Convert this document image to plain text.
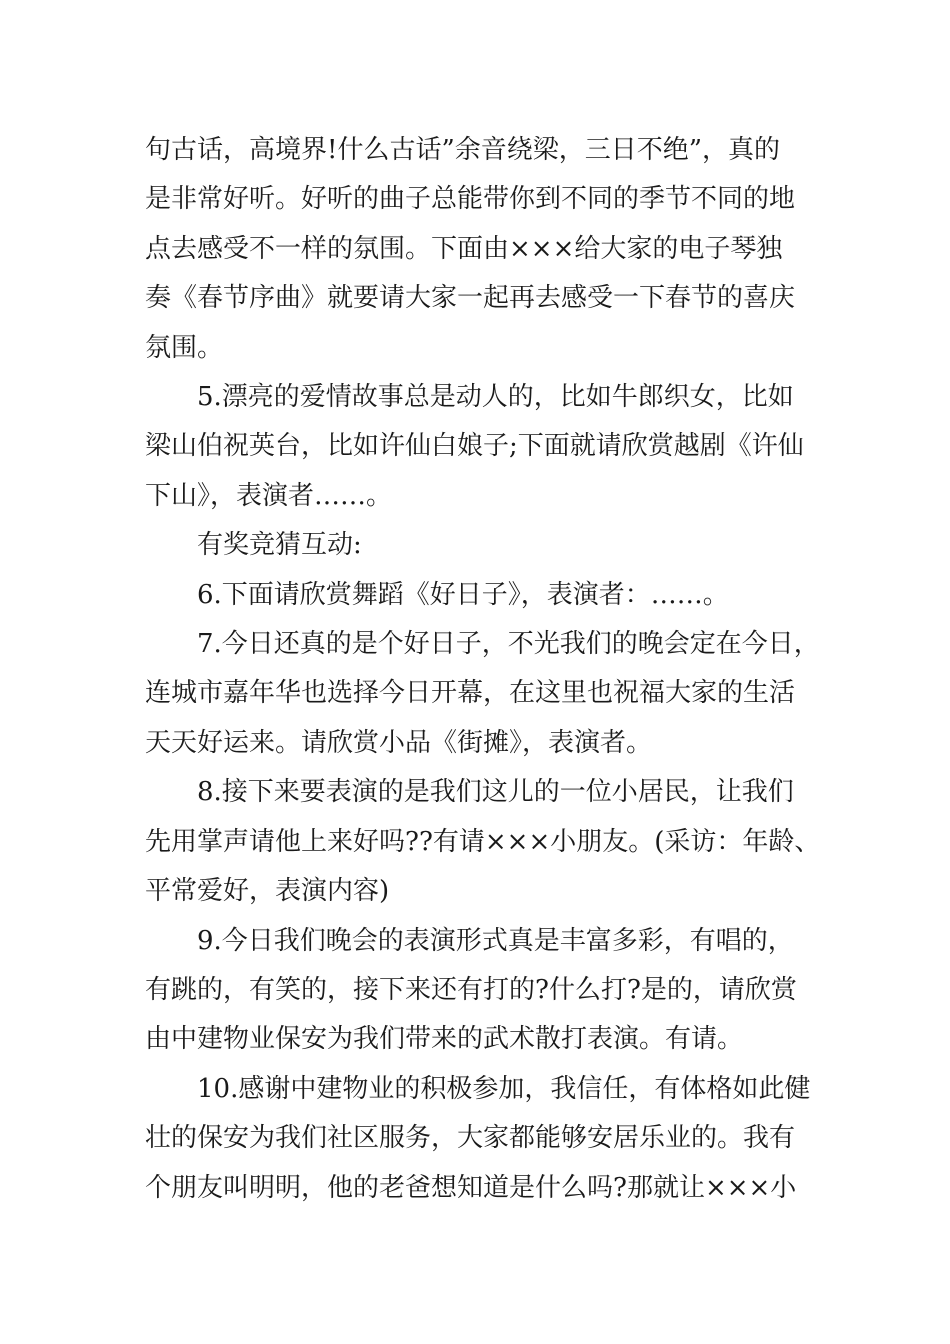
句古话，高境界!什么古话”余音绕梁，三日不绝”，真的
是非常好听。好听的曲子总能带你到不同的季节不同的地
点去感受不一样的氛围。下面由×××给大家的电子琴独
奏《春节序曲》就要请大家一起再去感受一下春节的喜庆
氛围。

5.漂亮的爱情故事总是动人的，比如牛郎织女，比如
梁山伯祝英台，比如许仙白娘子;下面就请欣赏越剧《许仙
下山》，表演者……。

有奖竞猜互动:

6.下面请欣赏舞蹈《好日子》，表演者：……。

7.今日还真的是个好日子，不光我们的晚会定在今日，
连城市嘉年华也选择今日开幕，在这里也祝福大家的生活
天天好运来。请欣赏小品《街摊》，表演者。

8.接下来要表演的是我们这儿的一位小居民，让我们
先用掌声请他上来好吗??有请×××小朋友。(采访：年龄、
平常爱好，表演内容)

9.今日我们晚会的表演形式真是丰富多彩，有唱的，
有跳的，有笑的，接下来还有打的?什么打?是的，请欣赏
由中建物业保安为我们带来的武术散打表演。有请。

10.感谢中建物业的积极参加，我信任，有体格如此健
壮的保安为我们社区服务，大家都能够安居乐业的。我有
个朋友叫明明，他的老爸想知道是什么吗?那就让×××小
